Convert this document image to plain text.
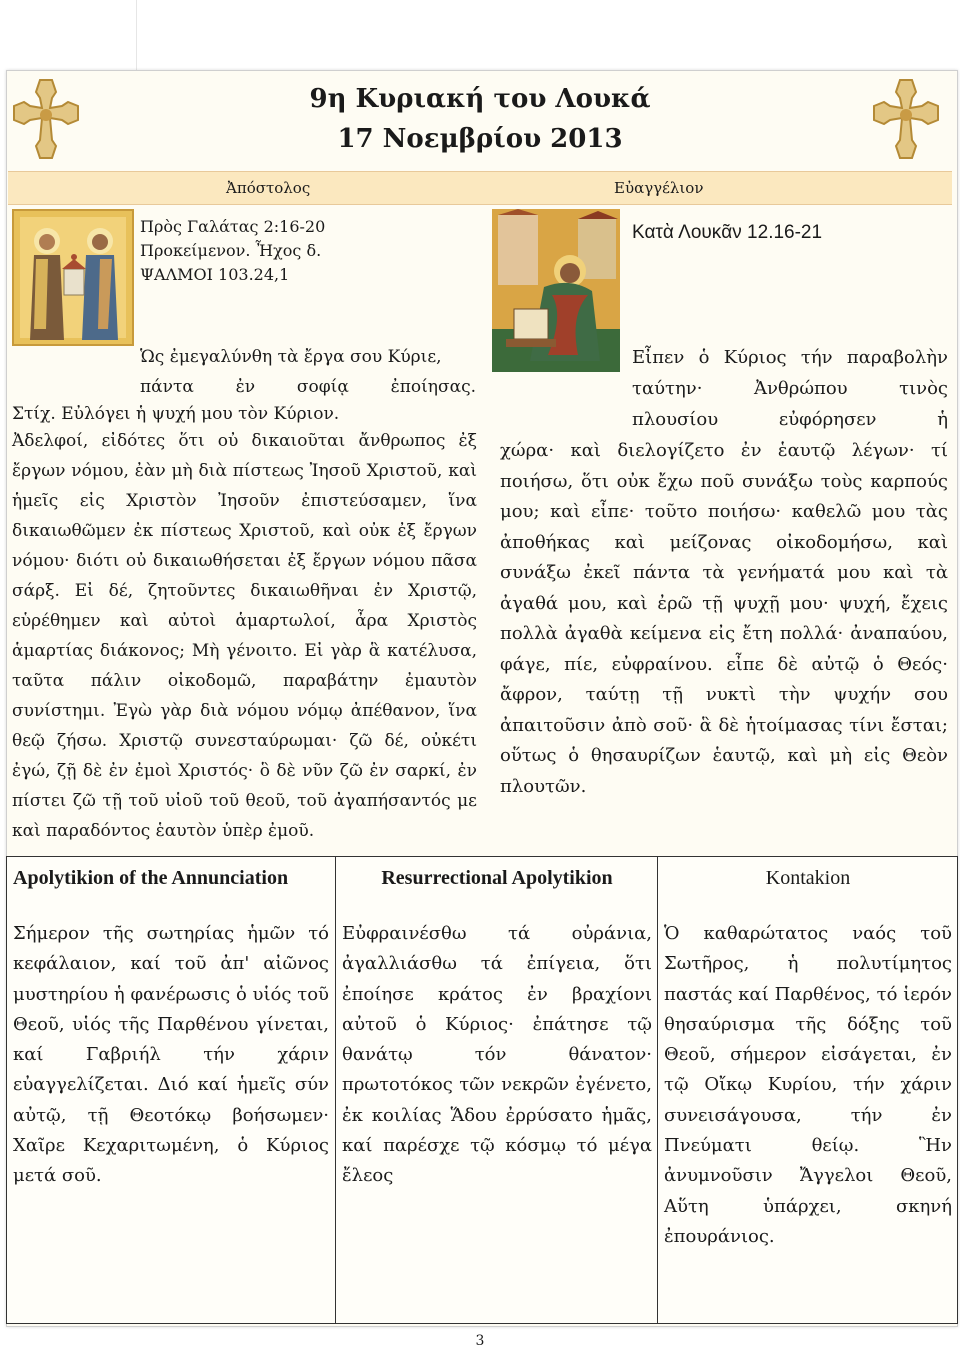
9η Κυριακή του Λουκά
17 Νοεμβρίου 2013
Ἀπόστολος	Εὐαγγέλιον
Πρὸς Γαλάτας 2:16-20
Προκείμενον. Ἦχος δ.
ΨΑΛΜΟΙ 103.24,1
Κατὰ Λουκᾶν 12.16-21
Ὡς ἐμεγαλύνθη τὰ ἔργα σου Κύριε,
πάντα ἐν σοφίᾳ ἐποίησας.
Στίχ. Εὐλόγει ἡ ψυχή μου τὸν Κύριον.
Ἀδελφοί, εἰδότες ὅτι οὐ δικαιοῦται ἄνθρωπος ἐξ ἔργων νόμου, ἐὰν μὴ διὰ πίστεως Ἰησοῦ Χριστοῦ, καὶ ἡμεῖς εἰς Χριστὸν Ἰησοῦν ἐπιστεύσαμεν, ἵνα δικαιωθῶμεν ἐκ πίστεως Χριστοῦ, καὶ οὐκ ἐξ ἔργων νόμου· διότι οὐ δικαιωθήσεται ἐξ ἔργων νόμου πᾶσα σάρξ. Εἰ δέ, ζητοῦντες δικαιωθῆναι ἐν Χριστῷ, εὑρέθημεν καὶ αὐτοὶ ἁμαρτωλοί, ἆρα Χριστὸς ἁμαρτίας διάκονος; Μὴ γένοιτο. Εἰ γὰρ ἃ κατέλυσα, ταῦτα πάλιν οἰκοδομῶ, παραβάτην ἐμαυτὸν συνίστημι. Ἐγὼ γὰρ διὰ νόμου νόμῳ ἀπέθανον, ἵνα θεῷ ζήσω. Χριστῷ συνεσταύρωμαι· ζῶ δέ, οὐκέτι ἐγώ, ζῇ δὲ ἐν ἐμοὶ Χριστός· ὃ δὲ νῦν ζῶ ἐν σαρκί, ἐν πίστει ζῶ τῇ τοῦ υἱοῦ τοῦ θεοῦ, τοῦ ἀγαπήσαντός με καὶ παραδόντος ἑαυτὸν ὑπὲρ ἐμοῦ.
Εἶπεν ὁ Κύριος τήν παραβολὴν
ταύτην· Ἀνθρώπου τινὸς
πλουσίου εὐφόρησεν ἡ
χώρα· καὶ διελογίζετο ἐν ἑαυτῷ λέγων· τί ποιήσω, ὅτι οὐκ ἔχω ποῦ συνάξω τοὺς καρπούς μου; καὶ εἶπε· τοῦτο ποιήσω· καθελῶ μου τὰς ἀποθήκας καὶ μείζονας οἰκοδομήσω, καὶ συνάξω ἐκεῖ πάντα τὰ γενήματά μου καὶ τὰ ἀγαθά μου, καὶ ἐρῶ τῇ ψυχῇ μου· ψυχή, ἔχεις πολλὰ ἀγαθὰ κείμενα εἰς ἔτη πολλά· ἀναπαύου, φάγε, πίε, εὐφραίνου. εἶπε δὲ αὐτῷ ὁ Θεός· ἄφρον, ταύτῃ τῇ νυκτὶ τὴν ψυχήν σου ἀπαιτοῦσιν ἀπὸ σοῦ· ἃ δὲ ἡτοίμασας τίνι ἔσται; οὕτως ὁ θησαυρίζων ἑαυτῷ, καὶ μὴ εἰς Θεὸν πλουτῶν.
Apolytikion of the Annunciation
Σήμερον τῆς σωτηρίας ἡμῶν τό κεφάλαιον, καί τοῦ ἀπ' αἰῶνος μυστηρίου ἡ φανέρωσις ὁ υἱός τοῦ Θεοῦ, υἱός τῆς Παρθένου γίνεται, καί Γαβριήλ τήν χάριν εὐαγγελίζεται. Διό καί ἡμεῖς σύν αὐτῷ, τῇ Θεοτόκῳ βοήσωμεν· Χαῖρε Κεχαριτωμένη, ὁ Κύριος μετά σοῦ.
Resurrectional Apolytikion
Εὐφραινέσθω τά οὐράνια, ἀγαλλιάσθω τά ἐπίγεια, ὅτι ἐποίησε κράτος ἐν βραχίονι αὐτοῦ ὁ Κύριος· ἐπάτησε τῷ θανάτῳ τόν θάνατον· πρωτοτόκος τῶν νεκρῶν ἐγένετο, ἐκ κοιλίας Ἅδου ἐρρύσατο ἡμᾶς, καί παρέσχε τῷ κόσμῳ τό μέγα ἔλεος
Kontakion
Ὁ καθαρώτατος ναός τοῦ Σωτῆρος, ἡ πολυτίμητος παστάς καί Παρθένος, τό ἱερόν θησαύρισμα τῆς δόξης τοῦ Θεοῦ, σήμερον εἰσάγεται, ἐν τῷ Οἴκῳ Κυρίου, τήν χάριν συνεισάγουσα, τήν ἐν Πνεύματι θείῳ. Ἣν ἀνυμνοῦσιν Ἄγγελοι Θεοῦ, Αὕτη ὑπάρχει, σκηνή ἐπουράνιος.
3
